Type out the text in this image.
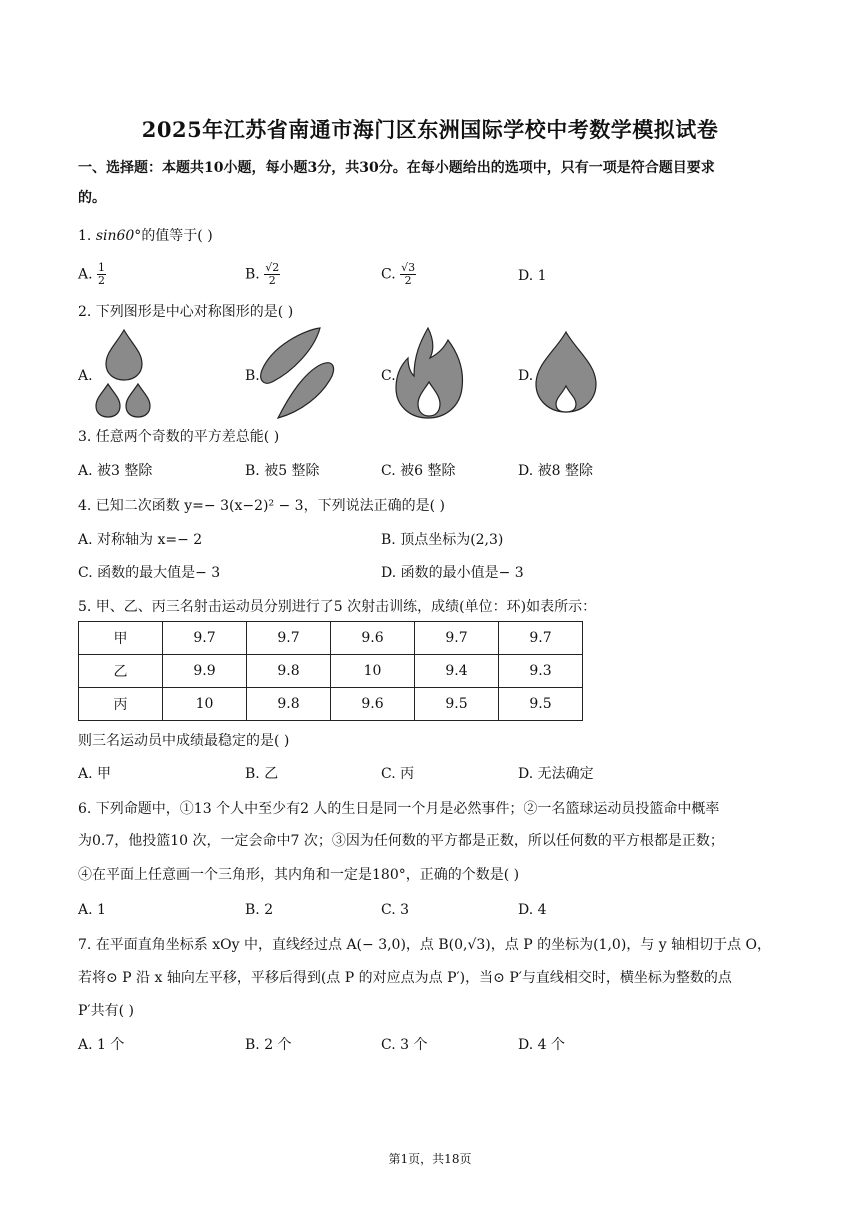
2025年江苏省南通市海门区东洲国际学校中考数学模拟试卷
一、选择题：本题共10小题，每小题3分，共30分。在每小题给出的选项中，只有一项是符合题目要求
的。
1. sin60°的值等于( )
A. $\frac{1}{2}$	B. $\frac{√2}{2}$	C. $\frac{√3}{2}$	D. 1
2. 下列图形是中心对称图形的是( )
A.	B.	C.	D.
3. 任意两个奇数的平方差总能( )
A. 被3 整除	B. 被5 整除	C. 被6 整除	D. 被8 整除
4. 已知二次函数 y=− 3(x−2)² − 3，下列说法正确的是( )
A. 对称轴为 x=− 2	B. 顶点坐标为(2,3)
C. 函数的最大值是− 3	D. 函数的最小值是− 3
5. 甲、乙、丙三名射击运动员分别进行了5 次射击训练，成绩(单位：环)如表所示：
甲	9.7	9.7	9.6	9.7	9.7
乙	9.9	9.8	10	9.4	9.3
丙	10	9.8	9.6	9.5	9.5
则三名运动员中成绩最稳定的是( )
A. 甲	B. 乙	C. 丙	D. 无法确定
6. 下列命题中，①13 个人中至少有2 人的生日是同一个月是必然事件；②一名篮球运动员投篮命中概率
为0.7，他投篮10 次，一定会命中7 次；③因为任何数的平方都是正数，所以任何数的平方根都是正数；
④在平面上任意画一个三角形，其内角和一定是180°，正确的个数是( )
A. 1	B. 2	C. 3	D. 4
7. 在平面直角坐标系 xOy 中，直线经过点 A(− 3,0)，点 B(0,√3)，点 P 的坐标为(1,0)，与 y 轴相切于点 O，
若将⊙ P 沿 x 轴向左平移，平移后得到(点 P 的对应点为点 P′)，当⊙ P′与直线相交时，横坐标为整数的点
P′共有( )
A. 1 个	B. 2 个	C. 3 个	D. 4 个
第1页，共18页
